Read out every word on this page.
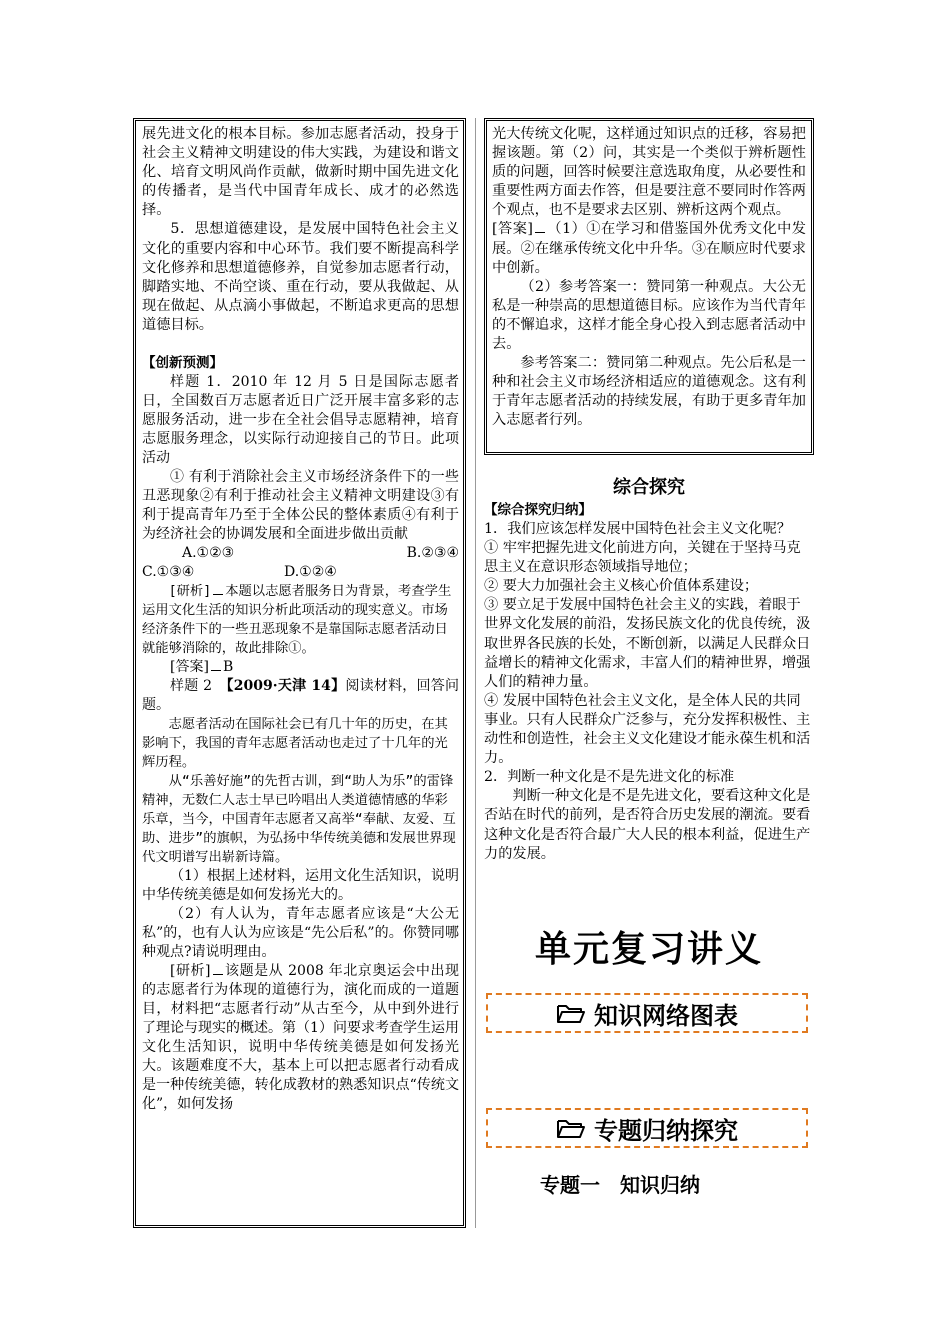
展先进文化的根本目标。参加志愿者活动，投身于社会主义精神文明建设的伟大实践，为建设和谐文化、培育文明风尚作贡献，做新时期中国先进文化的传播者，是当代中国青年成长、成才的必然选择。

5．思想道德建设，是发展中国特色社会主义文化的重要内容和中心环节。我们要不断提高科学文化修养和思想道德修养，自觉参加志愿者行动，脚踏实地、不尚空谈、重在行动，要从我做起、从现在做起、从点滴小事做起，不断追求更高的思想道德目标。

【创新预测】

样题 1．2010 年 12 月 5 日是国际志愿者日，全国数百万志愿者近日广泛开展丰富多彩的志愿服务活动，进一步在全社会倡导志愿精神，培育志愿服务理念，以实际行动迎接自己的节日。此项活动

① 有利于消除社会主义市场经济条件下的一些丑恶现象②有利于推动社会主义精神文明建设③有利于提高青年乃至于全体公民的整体素质④有利于为经济社会的协调发展和全面进步做出贡献

A.①②③	B.②③④
C.①③④	D.①②④

[研析] 本题以志愿者服务日为背景，考查学生运用文化生活的知识分析此项活动的现实意义。市场经济条件下的一些丑恶现象不是靠国际志愿者活动日就能够消除的，故此排除①。

[答案] B

样题 2　 【2009·天津 14】阅读材料，回答问题。

志愿者活动在国际社会已有几十年的历史，在其影响下，我国的青年志愿者活动也走过了十几年的光辉历程。

从“乐善好施”的先哲古训，到“助人为乐”的雷锋精神，无数仁人志士早已吟唱出人类道德情感的华彩乐章，当今，中国青年志愿者又高举“奉献、友爱、互助、进步”的旗帜，为弘扬中华传统美德和发展世界现代文明谱写出崭新诗篇。

（1）根据上述材料，运用文化生活知识，说明中华传统美德是如何发扬光大的。

（2）有人认为，青年志愿者应该是“大公无私”的，也有人认为应该是“先公后私”的。你赞同哪种观点?请说明理由。

[研析] 该题是从 2008 年北京奥运会中出现的志愿者行为体现的道德行为，演化而成的一道题目，材料把“志愿者行动”从古至今，从中到外进行了理论与现实的概述。第（1）问要求考查学生运用文化生活知识，说明中华传统美德是如何发扬光大。该题难度不大，基本上可以把志愿者行动看成是一种传统美德，转化成教材的熟悉知识点“传统文化”，如何发扬

光大传统文化呢，这样通过知识点的迁移，容易把握该题。第（2）问，其实是一个类似于辨析题性质的问题，回答时候要注意选取角度，从必要性和重要性两方面去作答，但是要注意不要同时作答两个观点，也不是要求去区别、辨析这两个观点。

[答案] （1）①在学习和借鉴国外优秀文化中发展。②在继承传统文化中升华。③在顺应时代要求中创新。

（2）参考答案一：赞同第一种观点。大公无私是一种崇高的思想道德目标。应该作为当代青年的不懈追求，这样才能全身心投入到志愿者活动中去。

参考答案二：赞同第二种观点。先公后私是一种和社会主义市场经济相适应的道德观念。这有利于青年志愿者活动的持续发展，有助于更多青年加入志愿者行列。

综合探究

【综合探究归纳】

1．我们应该怎样发展中国特色社会主义文化呢？

① 牢牢把握先进文化前进方向，关键在于坚持马克思主义在意识形态领域指导地位；

② 要大力加强社会主义核心价值体系建设；

③ 要立足于发展中国特色社会主义的实践，着眼于世界文化发展的前沿，发扬民族文化的优良传统，汲取世界各民族的长处，不断创新，以满足人民群众日益增长的精神文化需求，丰富人们的精神世界，增强人们的精神力量。

④ 发展中国特色社会主义文化，是全体人民的共同事业。只有人民群众广泛参与，充分发挥积极性、主动性和创造性，社会主义文化建设才能永葆生机和活力。

2．判断一种文化是不是先进文化的标准

判断一种文化是不是先进文化，要看这种文化是否站在时代的前列，是否符合历史发展的潮流。要看这种文化是否符合最广大人民的根本利益，促进生产力的发展。

单元复习讲义
知识网络图表
专题归纳探究
专题一　知识归纳
